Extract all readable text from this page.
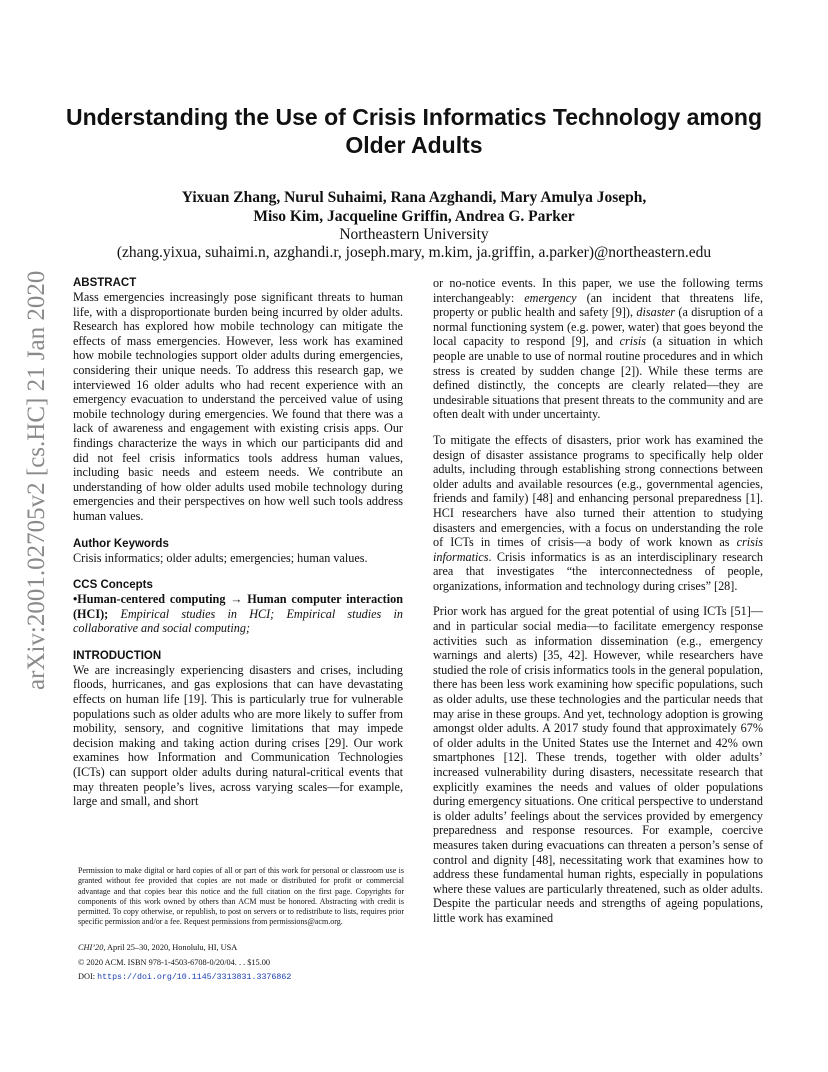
arXiv:2001.02705v2 [cs.HC] 21 Jan 2020
Understanding the Use of Crisis Informatics Technology among Older Adults
Yixuan Zhang, Nurul Suhaimi, Rana Azghandi, Mary Amulya Joseph,
Miso Kim, Jacqueline Griffin, Andrea G. Parker
Northeastern University
(zhang.yixua, suhaimi.n, azghandi.r, joseph.mary, m.kim, ja.griffin, a.parker)@northeastern.edu

ABSTRACT

Mass emergencies increasingly pose significant threats to human life, with a disproportionate burden being incurred by older adults. Research has explored how mobile technology can mitigate the effects of mass emergencies. However, less work has examined how mobile technologies support older adults during emergencies, considering their unique needs. To address this research gap, we interviewed 16 older adults who had recent experience with an emergency evacuation to understand the perceived value of using mobile technology during emergencies. We found that there was a lack of awareness and engagement with existing crisis apps. Our findings characterize the ways in which our participants did and did not feel crisis informatics tools address human values, including basic needs and esteem needs. We contribute an understanding of how older adults used mobile technology during emergencies and their perspectives on how well such tools address human values.

Author Keywords

Crisis informatics; older adults; emergencies; human values.

CCS Concepts

•Human-centered computing → Human computer interaction (HCI); Empirical studies in HCI; Empirical studies in collaborative and social computing;

INTRODUCTION

We are increasingly experiencing disasters and crises, including floods, hurricanes, and gas explosions that can have devastating effects on human life [19]. This is particularly true for vulnerable populations such as older adults who are more likely to suffer from mobility, sensory, and cognitive limitations that may impede decision making and taking action during crises [29]. Our work examines how Information and Communication Technologies (ICTs) can support older adults during natural-critical events that may threaten people’s lives, across varying scales—for example, large and small, and short

or no-notice events. In this paper, we use the following terms interchangeably: emergency (an incident that threatens life, property or public health and safety [9]), disaster (a disruption of a normal functioning system (e.g. power, water) that goes beyond the local capacity to respond [9], and crisis (a situation in which people are unable to use of normal routine procedures and in which stress is created by sudden change [2]). While these terms are defined distinctly, the concepts are clearly related—they are undesirable situations that present threats to the community and are often dealt with under uncertainty.

To mitigate the effects of disasters, prior work has examined the design of disaster assistance programs to specifically help older adults, including through establishing strong connections between older adults and available resources (e.g., governmental agencies, friends and family) [48] and enhancing personal preparedness [1]. HCI researchers have also turned their attention to studying disasters and emergencies, with a focus on understanding the role of ICTs in times of crisis—a body of work known as crisis informatics. Crisis informatics is as an interdisciplinary research area that investigates “the interconnectedness of people, organizations, information and technology during crises” [28].

Prior work has argued for the great potential of using ICTs [51]—and in particular social media—to facilitate emergency response activities such as information dissemination (e.g., emergency warnings and alerts) [35, 42]. However, while researchers have studied the role of crisis informatics tools in the general population, there has been less work examining how specific populations, such as older adults, use these technologies and the particular needs that may arise in these groups. And yet, technology adoption is growing amongst older adults. A 2017 study found that approximately 67% of older adults in the United States use the Internet and 42% own smartphones [12]. These trends, together with older adults’ increased vulnerability during disasters, necessitate research that explicitly examines the needs and values of older populations during emergency situations. One critical perspective to understand is older adults’ feelings about the services provided by emergency preparedness and response resources. For example, coercive measures taken during evacuations can threaten a person’s sense of control and dignity [48], necessitating work that examines how to address these fundamental human rights, especially in populations where these values are particularly threatened, such as older adults. Despite the particular needs and strengths of ageing populations, little work has examined

Permission to make digital or hard copies of all or part of this work for personal or classroom use is granted without fee provided that copies are not made or distributed for profit or commercial advantage and that copies bear this notice and the full citation on the first page. Copyrights for components of this work owned by others than ACM must be honored. Abstracting with credit is permitted. To copy otherwise, or republish, to post on servers or to redistribute to lists, requires prior specific permission and/or a fee. Request permissions from permissions@acm.org.
CHI’20, April 25–30, 2020, Honolulu, HI, USA
© 2020 ACM. ISBN 978-1-4503-6708-0/20/04. . . $15.00
DOI: https://doi.org/10.1145/3313831.3376862
